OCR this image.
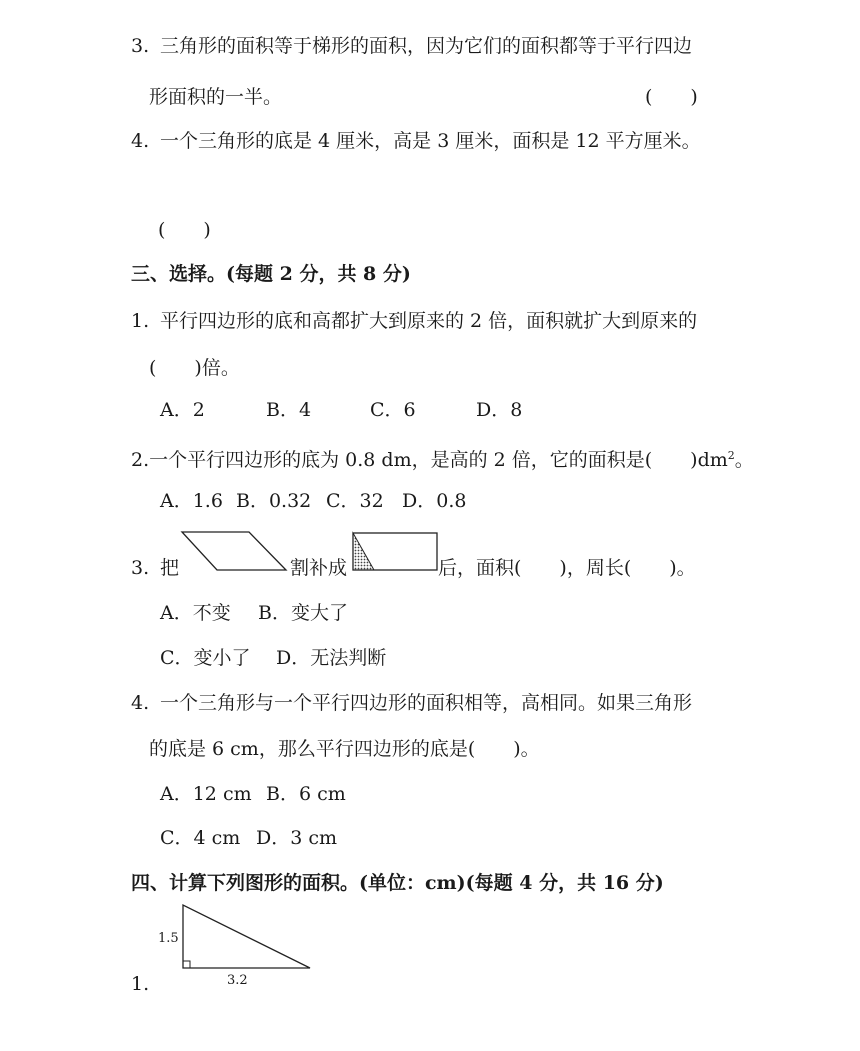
3. 三角形的面积等于梯形的面积，因为它们的面积都等于平行四边
形面积的一半。	(　　)
4. 一个三角形的底是 4 厘米，高是 3 厘米，面积是 12 平方厘米。
(　　)
三、选择。(每题 2 分，共 8 分)
1. 平行四边形的底和高都扩大到原来的 2 倍，面积就扩大到原来的
(　　)倍。
A．2	B．4	C．6	D．8
2.一个平行四边形的底为 0.8 dm，是高的 2 倍，它的面积是(　　)$dm^2$。
A．1.6 B．0.32 C．32 D．0.8
3. 把	割补成	后，面积(　　)，周长(　　)。
A．不变 B．变大了
C．变小了 D．无法判断
4. 一个三角形与一个平行四边形的面积相等，高相同。如果三角形
的底是 6 cm，那么平行四边形的底是(　　)。
A．12 cm B．6 cm
C．4 cm D．3 cm
四、计算下列图形的面积。(单位：cm)(每题 4 分，共 16 分)
1.5
3.2
1.
